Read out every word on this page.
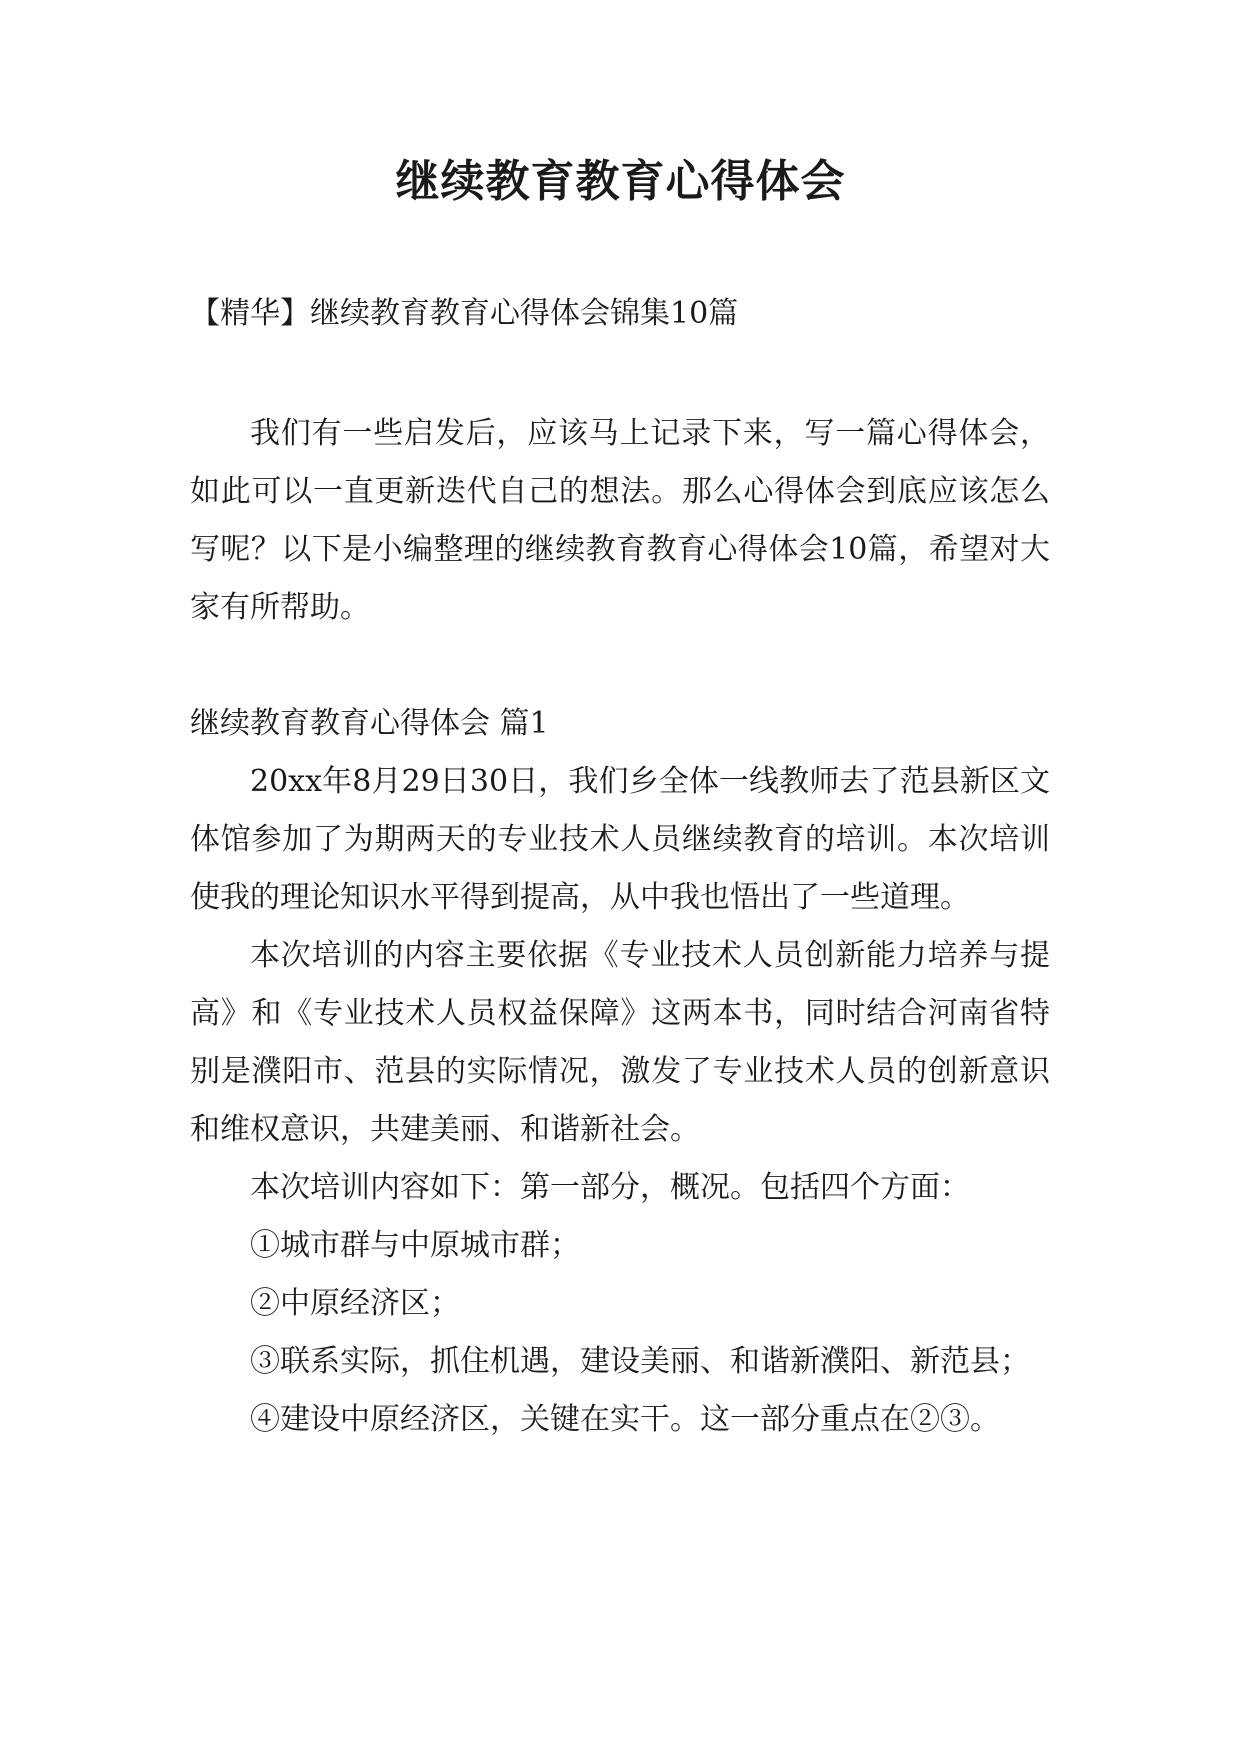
继续教育教育心得体会

【精华】继续教育教育心得体会锦集10篇

我们有一些启发后，应该马上记录下来，写一篇心得体会，如此可以一直更新迭代自己的想法。那么心得体会到底应该怎么写呢？以下是小编整理的继续教育教育心得体会10篇，希望对大家有所帮助。

继续教育教育心得体会 篇1

20xx年8月29日30日，我们乡全体一线教师去了范县新区文体馆参加了为期两天的专业技术人员继续教育的培训。本次培训使我的理论知识水平得到提高，从中我也悟出了一些道理。

本次培训的内容主要依据《专业技术人员创新能力培养与提高》和《专业技术人员权益保障》这两本书，同时结合河南省特别是濮阳市、范县的实际情况，激发了专业技术人员的创新意识和维权意识，共建美丽、和谐新社会。

本次培训内容如下：第一部分，概况。包括四个方面：

①城市群与中原城市群；

②中原经济区；

③联系实际，抓住机遇，建设美丽、和谐新濮阳、新范县；

④建设中原经济区，关键在实干。这一部分重点在②③。
